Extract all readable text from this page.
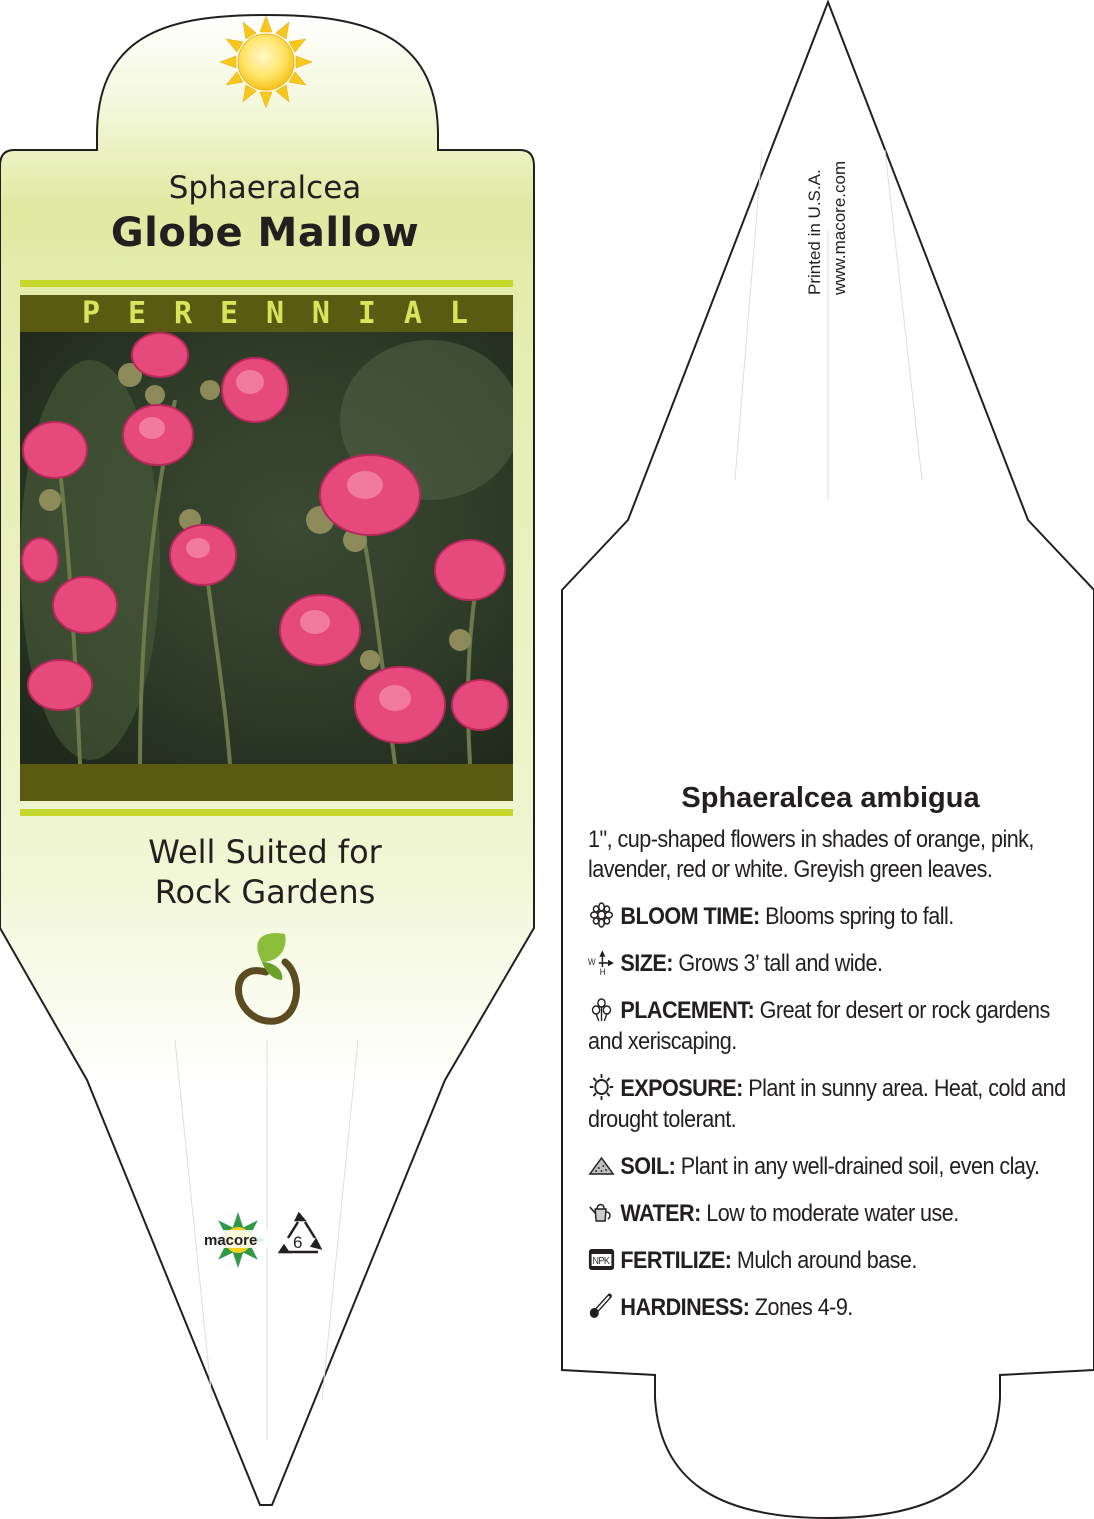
Sphaeralcea
Globe Mallow
P E R E N N I A L
Well Suited for
Rock Gardens
macore 6
Printed in U.S.A. www.macore.com
Sphaeralcea ambigua
1", cup-shaped flowers in shades of orange, pink, lavender, red or white. Greyish green leaves.
BLOOM TIME: Blooms spring to fall.
W
H SIZE: Grows 3’ tall and wide.
PLACEMENT: Great for desert or rock gardens and xeriscaping.
EXPOSURE: Plant in sunny area. Heat, cold and drought tolerant.
SOIL: Plant in any well-drained soil, even clay.
WATER: Low to moderate water use.
NPK FERTILIZE: Mulch around base.
HARDINESS: Zones 4-9.
